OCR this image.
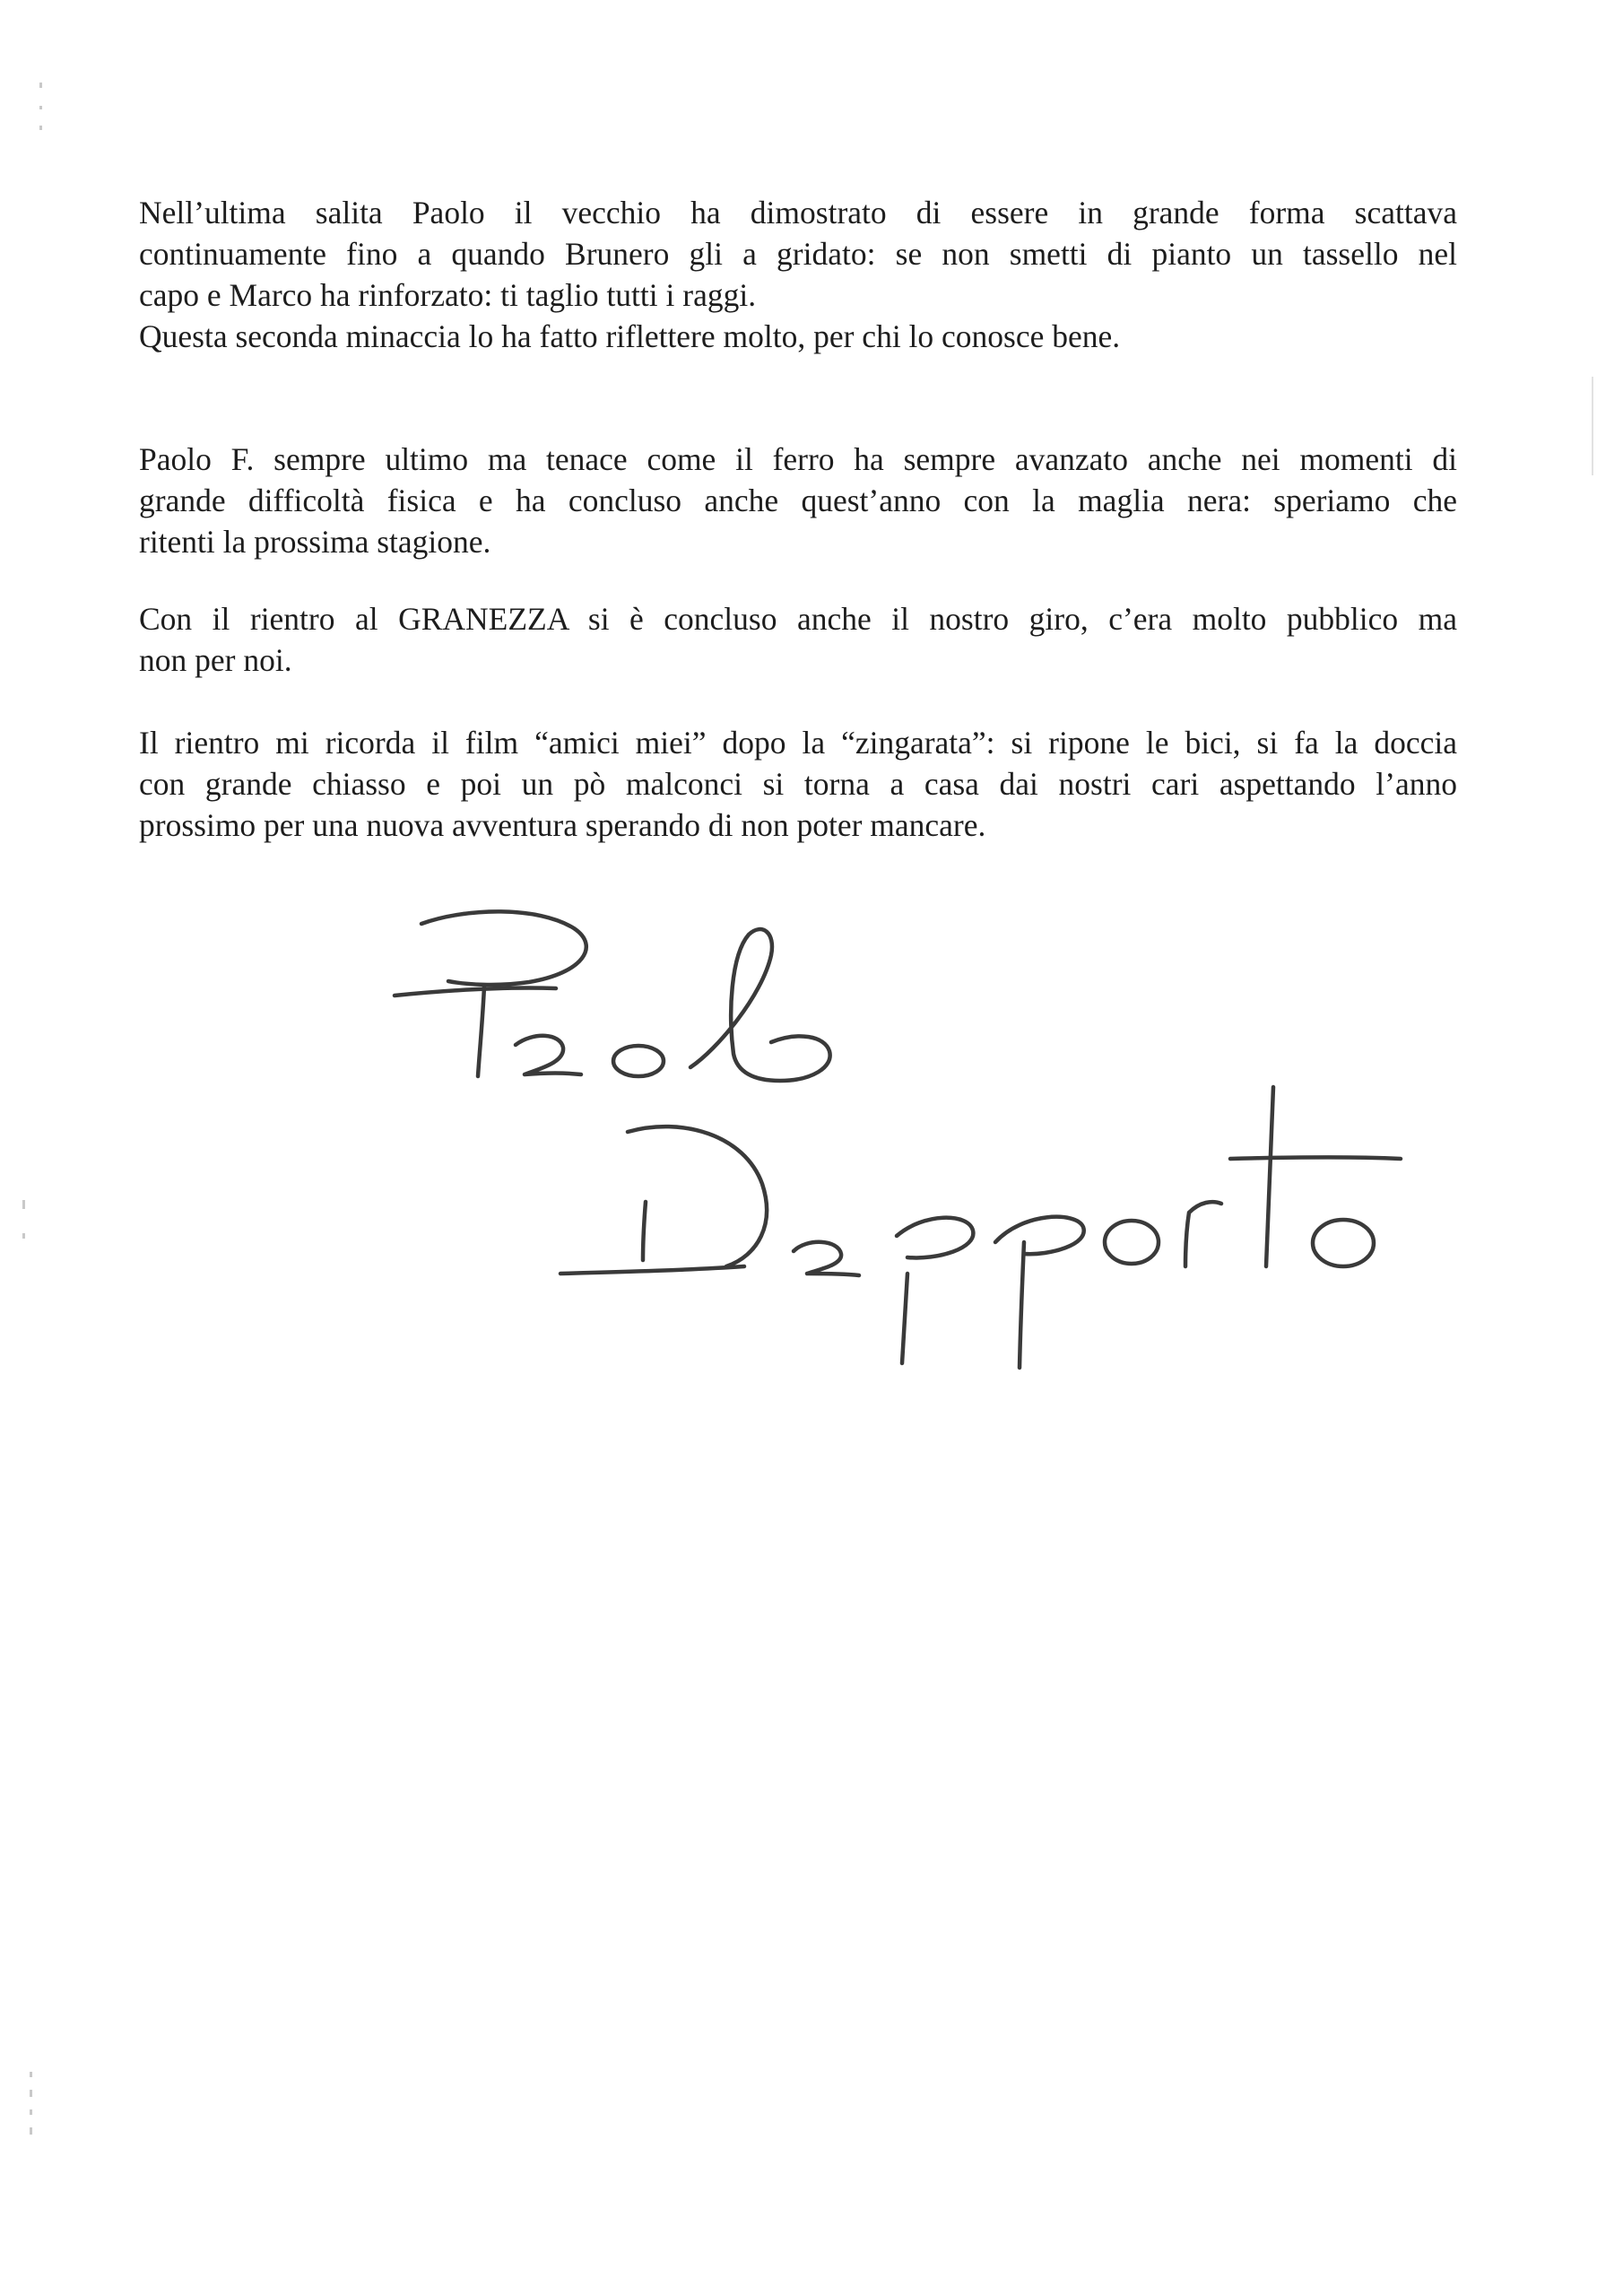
Nell’ultima salita Paolo il vecchio ha dimostrato di essere in grande forma scattava
continuamente fino a quando Brunero gli a gridato: se non smetti di pianto un tassello nel
capo e Marco ha rinforzato: ti taglio tutti i raggi.
Questa seconda minaccia lo ha fatto riflettere molto, per chi lo conosce bene.
Paolo F. sempre ultimo ma tenace come il ferro ha sempre avanzato anche nei momenti di
grande difficoltà fisica e ha concluso anche quest’anno con la maglia nera: speriamo che
ritenti la prossima stagione.
Con il rientro al GRANEZZA si è concluso anche il nostro giro, c’era molto pubblico ma
non per noi.
Il rientro mi ricorda il film “amici miei” dopo la “zingarata”: si ripone le bici, si fa la doccia
con grande chiasso e poi un pò malconci si torna a casa dai nostri cari aspettando l’anno
prossimo per una nuova avventura sperando di non poter mancare.
